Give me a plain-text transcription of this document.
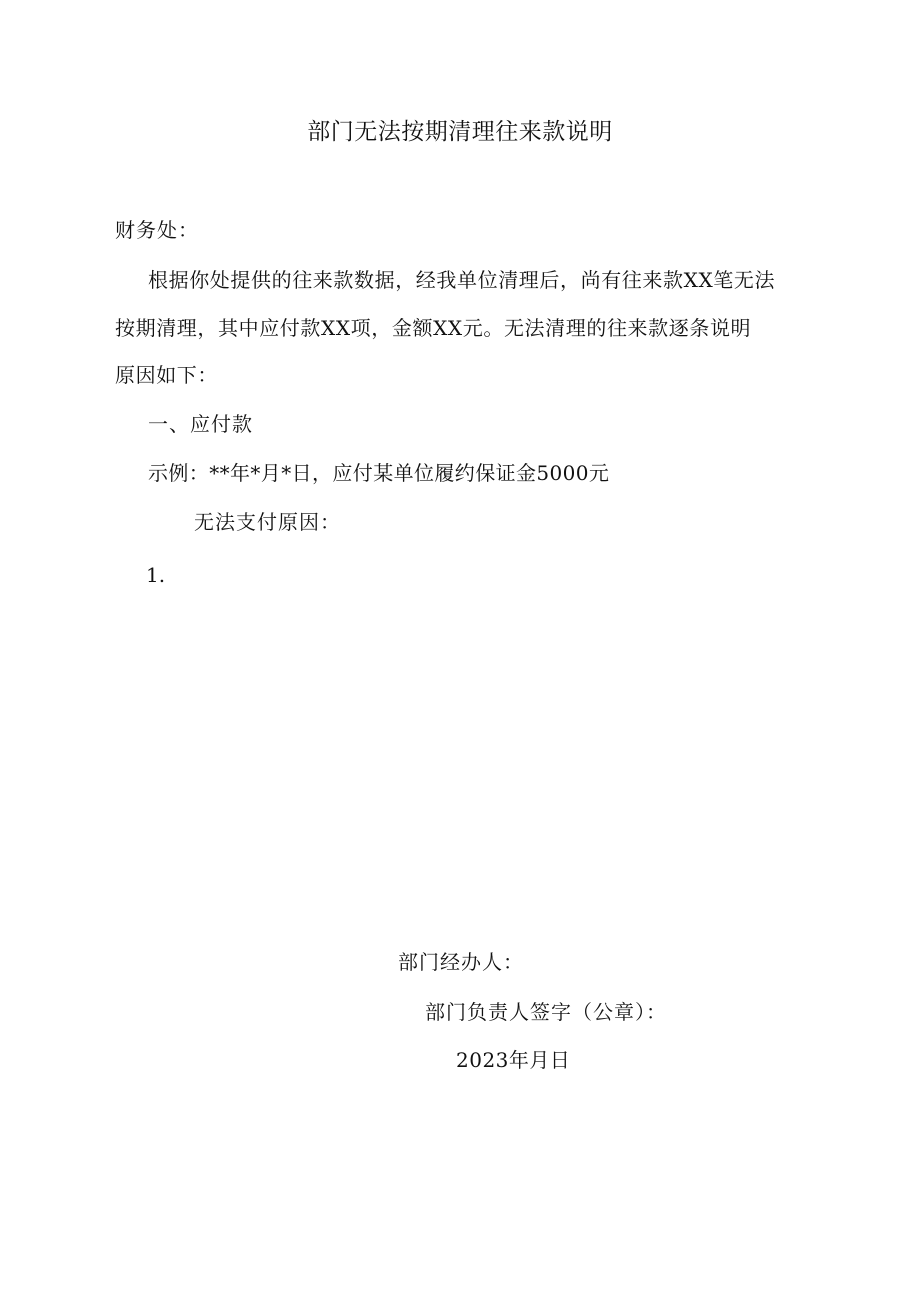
部门无法按期清理往来款说明
财务处：
根据你处提供的往来款数据，经我单位清理后，尚有往来款XX笔无法
按期清理，其中应付款XX项，金额XX元。无法清理的往来款逐条说明
原因如下：
一、应付款
示例：**年*月*日，应付某单位履约保证金5000元
无法支付原因：
1.
部门经办人：
部门负责人签字（公章）：
2023年月日
